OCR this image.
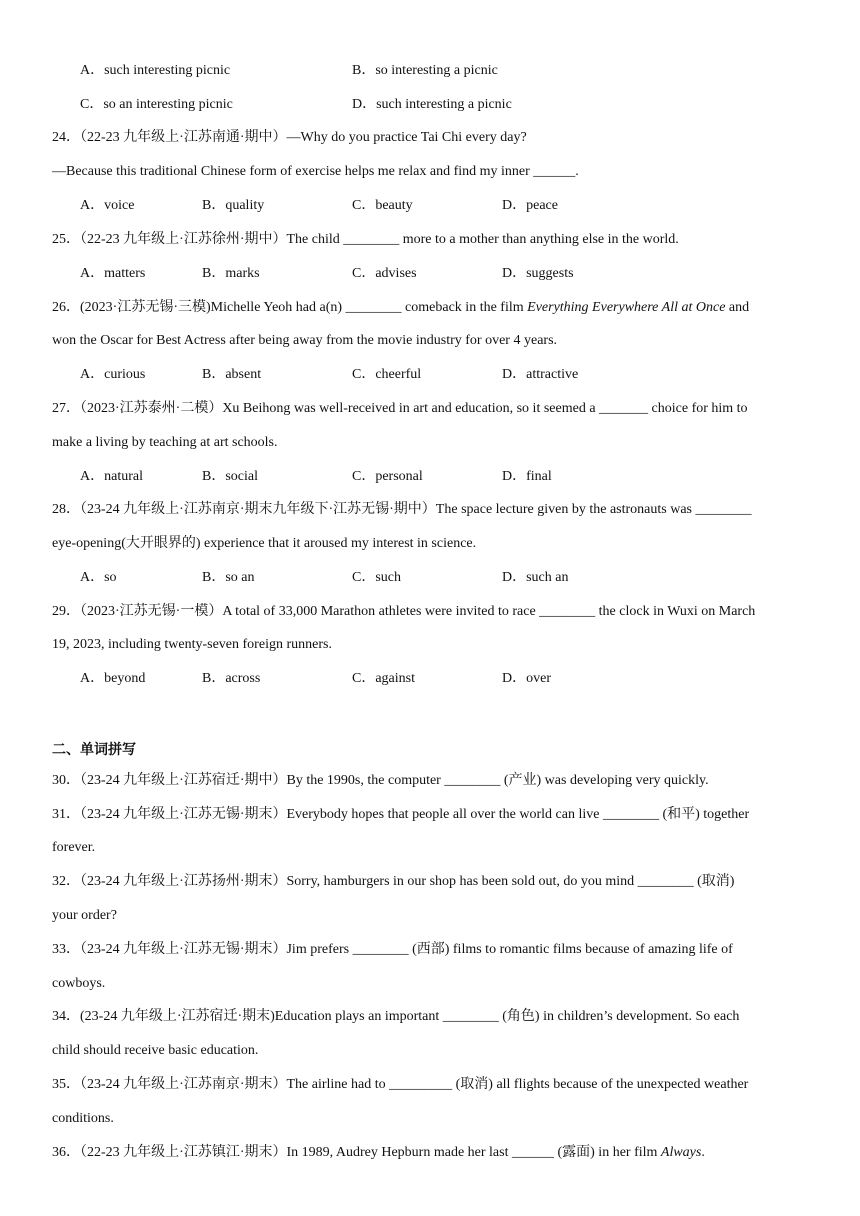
A．such interesting picnic	B．so interesting a picnic
C．so an interesting picnic	D．such interesting a picnic
24．（22-23 九年级上·江苏南通·期中）—Why do you practice Tai Chi every day?
—Because this traditional Chinese form of exercise helps me relax and find my inner ______.
A．voice	B．quality	C．beauty	D．peace
25．（22-23 九年级上·江苏徐州·期中）The child ________ more to a mother than anything else in the world.
A．matters	B．marks	C．advises	D．suggests
26．(2023·江苏无锡·三模)Michelle Yeoh had a(n) ________ comeback in the film Everything Everywhere All at Once and
won the Oscar for Best Actress after being away from the movie industry for over 4 years.
A．curious	B．absent	C．cheerful	D．attractive
27．（2023·江苏泰州·二模）Xu Beihong was well-received in art and education, so it seemed a _______ choice for him to
make a living by teaching at art schools.
A．natural	B．social	C．personal	D．final
28．（23-24 九年级上·江苏南京·期末九年级下·江苏无锡·期中）The space lecture given by the astronauts was ________
eye-opening(大开眼界的) experience that it aroused my interest in science.
A．so	B．so an	C．such	D．such an
29．（2023·江苏无锡·一模）A total of 33,000 Marathon athletes were invited to race ________ the clock in Wuxi on March
19, 2023, including twenty-seven foreign runners.
A．beyond	B．across	C．against	D．over
二、单词拼写
30．（23-24 九年级上·江苏宿迁·期中）By the 1990s, the computer ________ (产业) was developing very quickly.
31．（23-24 九年级上·江苏无锡·期末）Everybody hopes that people all over the world can live ________ (和平) together
forever.
32．（23-24 九年级上·江苏扬州·期末）Sorry, hamburgers in our shop has been sold out, do you mind ________ (取消)
your order?
33．（23-24 九年级上·江苏无锡·期末）Jim prefers ________ (西部) films to romantic films because of amazing life of
cowboys.
34．(23-24 九年级上·江苏宿迁·期末)Education plays an important ________ (角色) in children’s development. So each
child should receive basic education.
35．（23-24 九年级上·江苏南京·期末）The airline had to _________ (取消) all flights because of the unexpected weather
conditions.
36．（22-23 九年级上·江苏镇江·期末）In 1989, Audrey Hepburn made her last ______ (露面) in her film Always.
